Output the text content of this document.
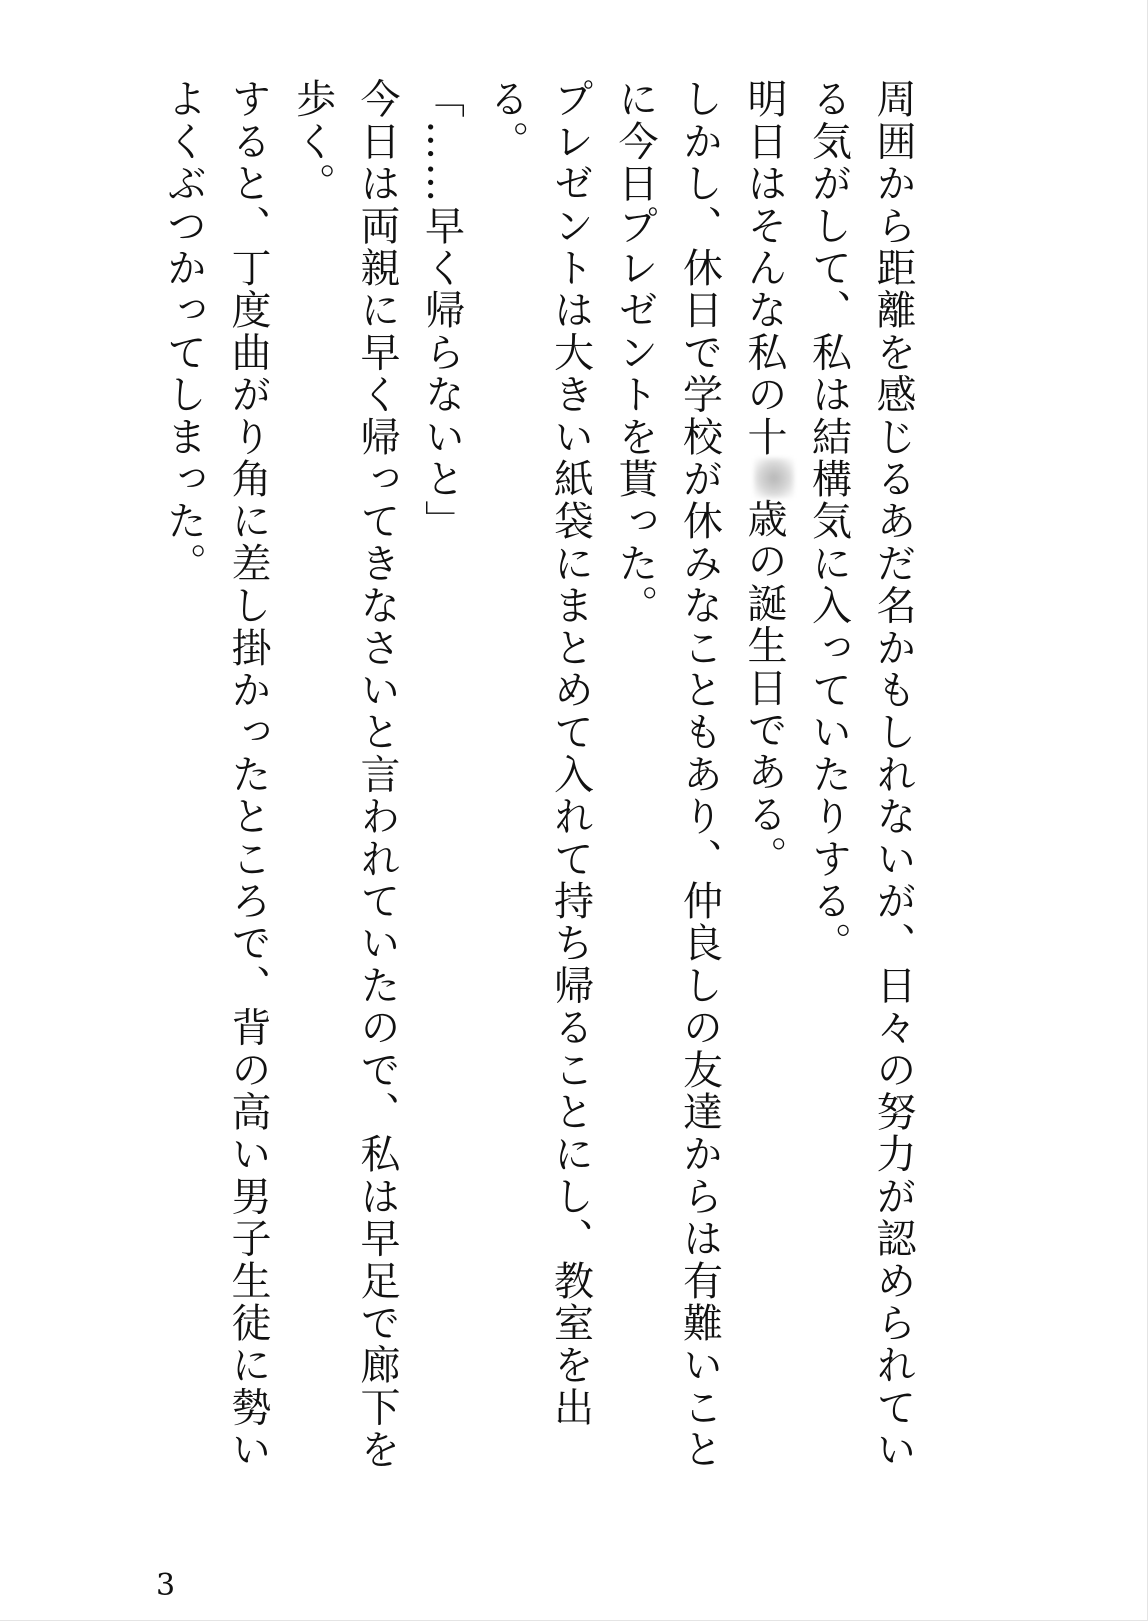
周囲から距離を感じるあだ名かもしれないが、日々の努力が認められている気がして、私は結構気に入っていたりする。

明日はそんな私の十歳の誕生日である。

しかし、休日で学校が休みなこともあり、仲良しの友達からは有難いことに今日プレゼントを貰った。

プレゼントは大きい紙袋にまとめて入れて持ち帰ることにし、教室を出る。

「……早く帰らないと」

今日は両親に早く帰ってきなさいと言われていたので、私は早足で廊下を歩く。

すると、丁度曲がり角に差し掛かったところで、背の高い男子生徒に勢いよくぶつかってしまった。

3
